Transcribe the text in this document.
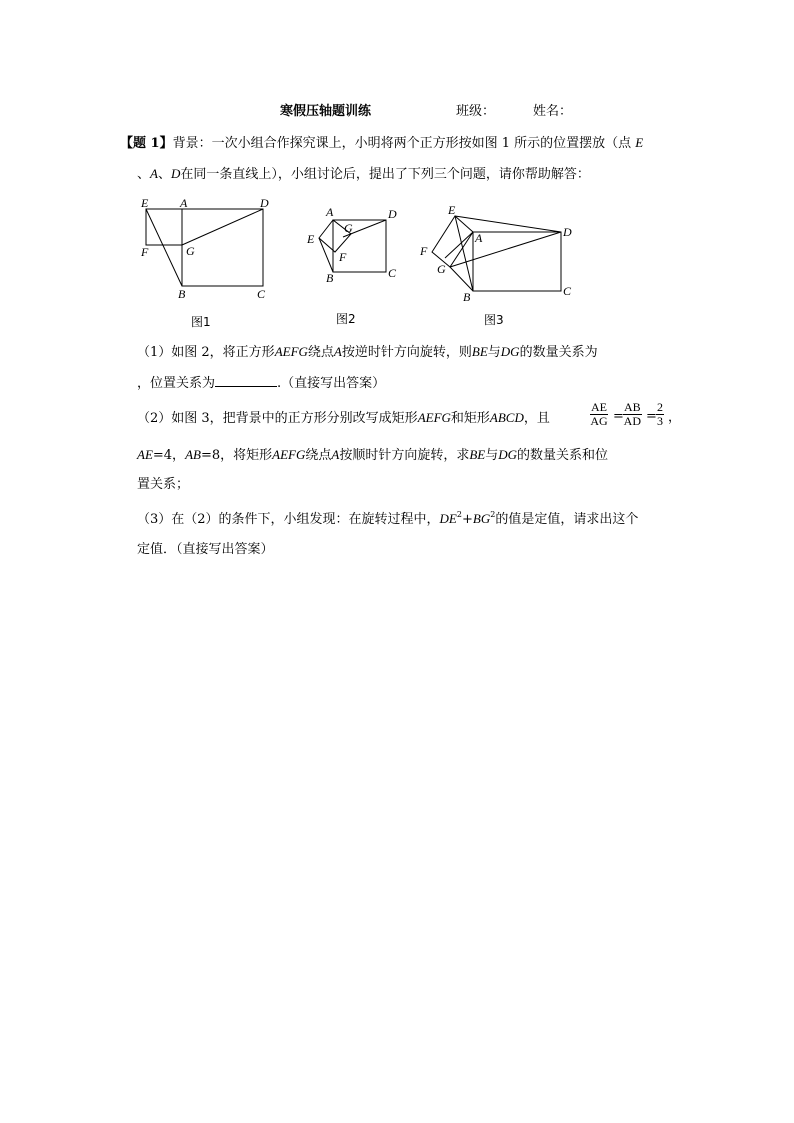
寒假压轴题训练	班级：	姓名：
【题 1】背景：一次小组合作探究课上，小明将两个正方形按如图 1 所示的位置摆放（点 E
、A、D在同一条直线上），小组讨论后，提出了下列三个问题，请你帮助解答：
E	A	D
F	G
B	C
A	D
G
E
F
B	C
E
A	D
F
G
B	C
图1	图2	图3
（1）如图 2，将正方形AEFG绕点A按逆时针方向旋转，则BE与DG的数量关系为
，位置关系为	.（直接写出答案）
（2）如图 3，把背景中的正方形分别改写成矩形AEFG和矩形ABCD，且	$\frac{AE}{AG} = \frac{AB}{AD} = \frac{2}{3}$ ，
AE=4，AB=8，将矩形AEFG绕点A按顺时针方向旋转，求BE与DG的数量关系和位
置关系；
（3）在（2）的条件下，小组发现：在旋转过程中，$DE^2+BG^2$的值是定值，请求出这个
定值．（直接写出答案）
